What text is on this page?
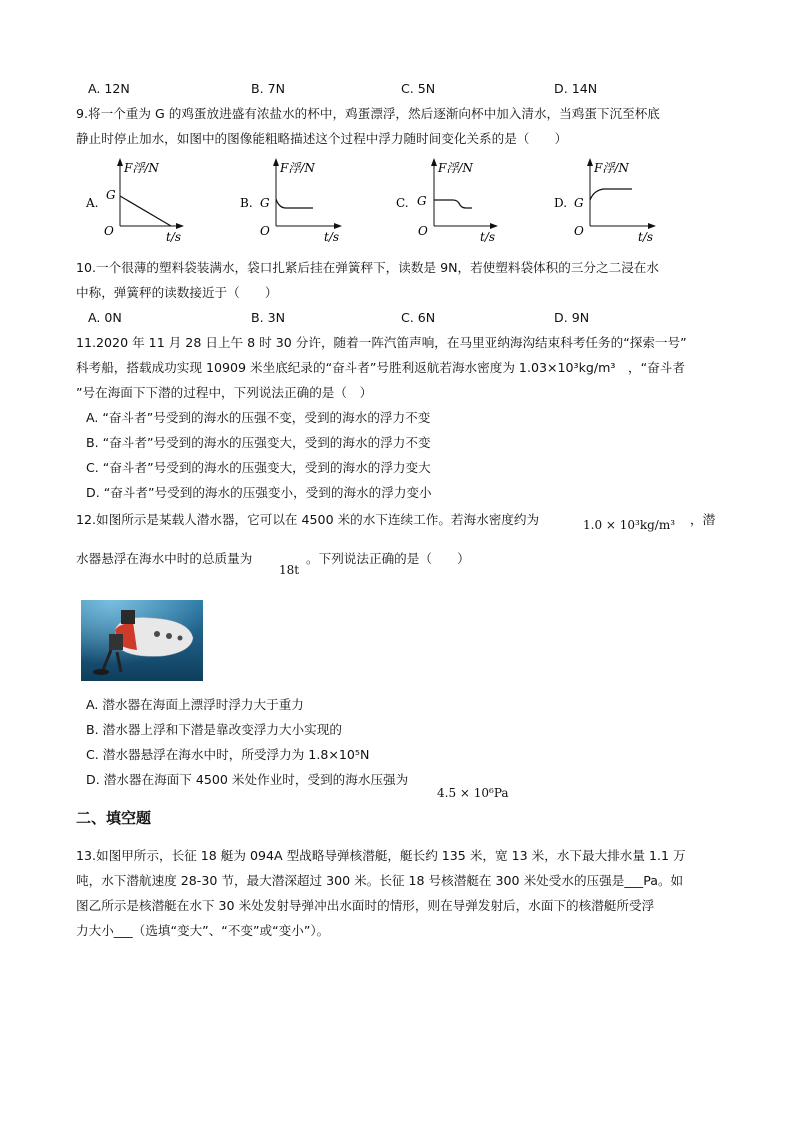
A. 12N	B. 7N	C. 5N	D. 14N
9.将一个重为 G 的鸡蛋放进盛有浓盐水的杯中，鸡蛋漂浮，然后逐渐向杯中加入清水，当鸡蛋下沉至杯底
静止时停止加水，如图中的图像能粗略描述这个过程中浮力随时间变化关系的是（　　）
A.
F浮/N
G
O	t/s
B.
F浮/N
G
O	t/s
C.
F浮/N
G
O	t/s
D.
F浮/N
G
O	t/s
10.一个很薄的塑料袋装满水，袋口扎紧后挂在弹簧秤下，读数是 9N，若使塑料袋体积的三分之二浸在水
中称，弹簧秤的读数接近于（　　）
A. 0N	B. 3N	C. 6N	D. 9N
11.2020 年 11 月 28 日上午 8 时 30 分许，随着一阵汽笛声响，在马里亚纳海沟结束科考任务的“探索一号”
科考船，搭载成功实现 10909 米坐底纪录的“奋斗者”号胜利返航若海水密度为 1.03×10³kg/m³　，“奋斗者
”号在海面下下潜的过程中，下列说法正确的是（　）
A. “奋斗者”号受到的海水的压强不变，受到的海水的浮力不变
B. “奋斗者”号受到的海水的压强变大，受到的海水的浮力不变
C. “奋斗者”号受到的海水的压强变大，受到的海水的浮力变大
D. “奋斗者”号受到的海水的压强变小，受到的海水的浮力变小
12.如图所示是某载人潜水器，它可以在 4500 米的水下连续工作。若海水密度约为	1.0 × 10³kg/m³ ，潜
水器悬浮在海水中时的总质量为
18t
。下列说法正确的是（　　）
A. 潜水器在海面上漂浮时浮力大于重力
B. 潜水器上浮和下潜是靠改变浮力大小实现的
C. 潜水器悬浮在海水中时，所受浮力为 1.8×10⁵N
D. 潜水器在海面下 4500 米处作业时，受到的海水压强为
4.5 × 10⁶Pa
二、填空题
13.如图甲所示，长征 18 艇为 094A 型战略导弹核潜艇，艇长约 135 米，宽 13 米，水下最大排水量 1.1 万
吨，水下潜航速度 28-30 节，最大潜深超过 300 米。长征 18 号核潜艇在 300 米处受水的压强是___Pa。如
图乙所示是核潜艇在水下 30 米处发射导弹冲出水面时的情形，则在导弹发射后，水面下的核潜艇所受浮
力大小___（选填“变大”、“不变”或“变小”）。
